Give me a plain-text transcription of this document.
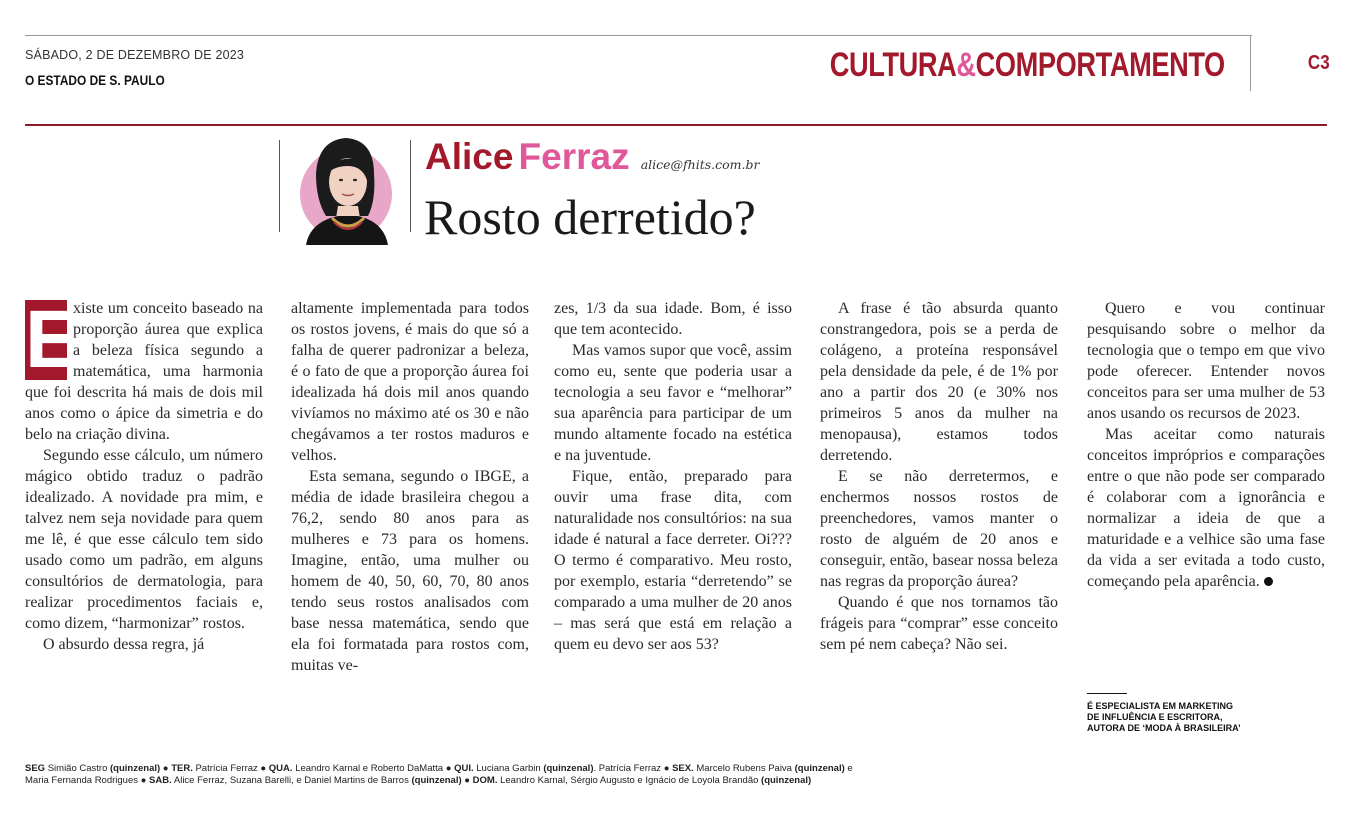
SÁBADO, 2 DE DEZEMBRO DE 2023
O ESTADO DE S. PAULO	CULTURA&COMPORTAMENTO	C3
Alice Ferraz alice@fhits.com.br
Rosto derretido?

E
xiste um conceito baseado na proporção áurea que explica a beleza física segundo a matemática, uma harmonia que foi descrita há mais de dois mil anos como o ápice da simetria e do belo na criação divina.

Segundo esse cálculo, um número mágico obtido traduz o padrão idealizado. A novidade pra mim, e talvez nem seja novidade para quem me lê, é que esse cálculo tem sido usado como um padrão, em alguns consultórios de dermatologia, para realizar procedimentos faciais e, como dizem, “harmonizar” rostos.

O absurdo dessa regra, já

altamente implementada para todos os rostos jovens, é mais do que só a falha de querer padronizar a beleza, é o fato de que a proporção áurea foi idealizada há dois mil anos quando vivíamos no máximo até os 30 e não chegávamos a ter rostos maduros e velhos.

Esta semana, segundo o IBGE, a média de idade brasileira chegou a 76,2, sendo 80 anos para as mulheres e 73 para os homens. Imagine, então, uma mulher ou homem de 40, 50, 60, 70, 80 anos tendo seus rostos analisados com base nessa matemática, sendo que ela foi formatada para rostos com, muitas ve-

zes, 1/3 da sua idade. Bom, é isso que tem acontecido.

Mas vamos supor que você, assim como eu, sente que poderia usar a tecnologia a seu favor e “melhorar” sua aparência para participar de um mundo altamente focado na estética e na juventude.

Fique, então, preparado para ouvir uma frase dita, com naturalidade nos consultórios: na sua idade é natural a face derreter. Oi??? O termo é comparativo. Meu rosto, por exemplo, estaria “derretendo” se comparado a uma mulher de 20 anos – mas será que está em relação a quem eu devo ser aos 53?

A frase é tão absurda quanto constrangedora, pois se a perda de colágeno, a proteína responsável pela densidade da pele, é de 1% por ano a partir dos 20 (e 30% nos primeiros 5 anos da mulher na menopausa), estamos todos derretendo.

E se não derretermos, e enchermos nossos rostos de preenchedores, vamos manter o rosto de alguém de 20 anos e conseguir, então, basear nossa beleza nas regras da proporção áurea?

Quando é que nos tornamos tão frágeis para “comprar” esse conceito sem pé nem cabeça? Não sei.

Quero e vou continuar pesquisando sobre o melhor da tecnologia que o tempo em que vivo pode oferecer. Entender novos conceitos para ser uma mulher de 53 anos usando os recursos de 2023.

Mas aceitar como naturais conceitos impróprios e comparações entre o que não pode ser comparado é colaborar com a ignorância e normalizar a ideia de que a maturidade e a velhice são uma fase da vida a ser evitada a todo custo, começando pela aparência.

É ESPECIALISTA EM MARKETING
DE INFLUÊNCIA E ESCRITORA,
AUTORA DE ‘MODA À BRASILEIRA’
SEG Simião Castro (quinzenal) ● TER. Patrícia Ferraz ● QUA. Leandro Karnal e Roberto DaMatta ● QUI. Luciana Garbin (quinzenal). Patrícia Ferraz ● SEX. Marcelo Rubens Paiva (quinzenal) e
Maria Fernanda Rodrigues ● SAB. Alice Ferraz, Suzana Barelli, e Daniel Martins de Barros (quinzenal) ● DOM. Leandro Karnal, Sérgio Augusto e Ignácio de Loyola Brandão (quinzenal)
